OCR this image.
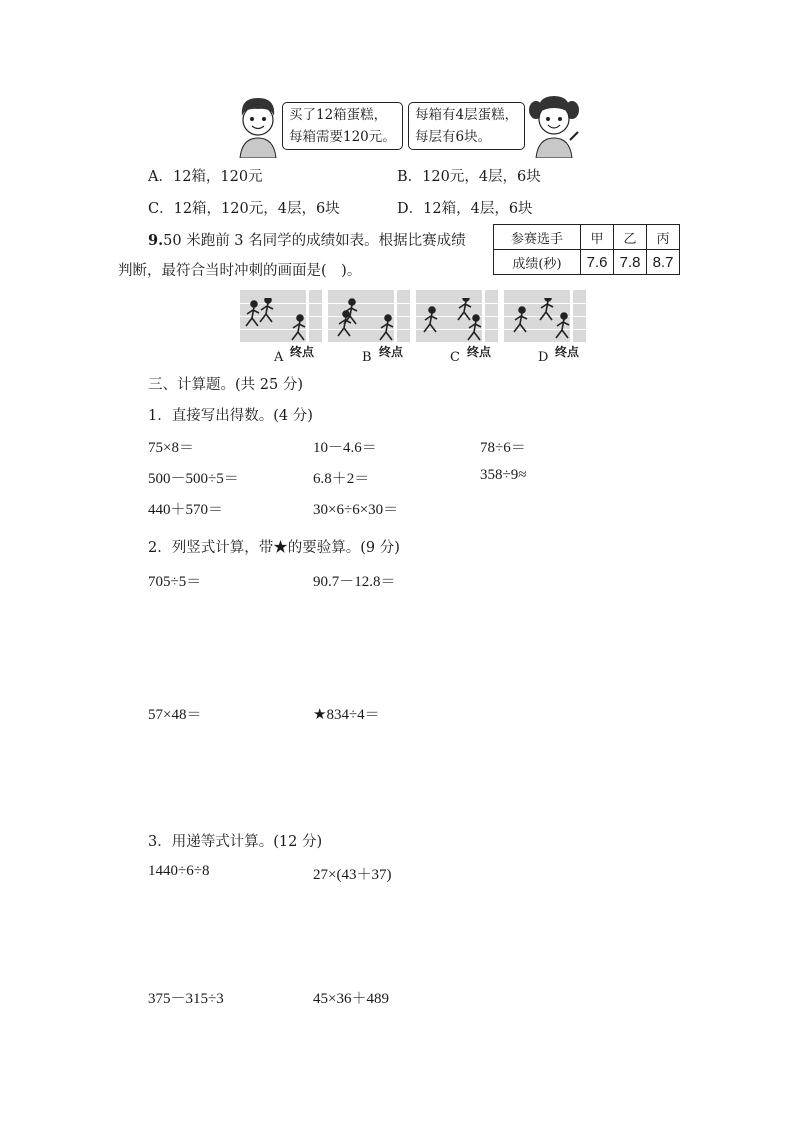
买了12箱蛋糕，
每箱需要120元。
每箱有4层蛋糕，
每层有6块。
A．12箱，120元	B．120元，4层，6块
C．12箱，120元，4层，6块	D．12箱，4层，6块
9.50 米跑前 3 名同学的成绩如表。根据比赛成绩
判断，最符合当时冲刺的画面是(　)。
参赛选手	甲	乙	丙
成绩(秒)	7.6	7.8	8.7
A 终点	B 终点	C 终点	D 终点
三、计算题。(共 25 分)
1．直接写出得数。(4 分)
75×8＝	10－4.6＝	78÷6＝
500－500÷5＝	6.8＋2＝	358÷9≈
440＋570＝	30×6÷6×30＝
2．列竖式计算，带★的要验算。(9 分)
705÷5＝	90.7－12.8＝
57×48＝	★834÷4＝
3．用递等式计算。(12 分)
1440÷6÷8	27×(43＋37)
375－315÷3	45×36＋489
